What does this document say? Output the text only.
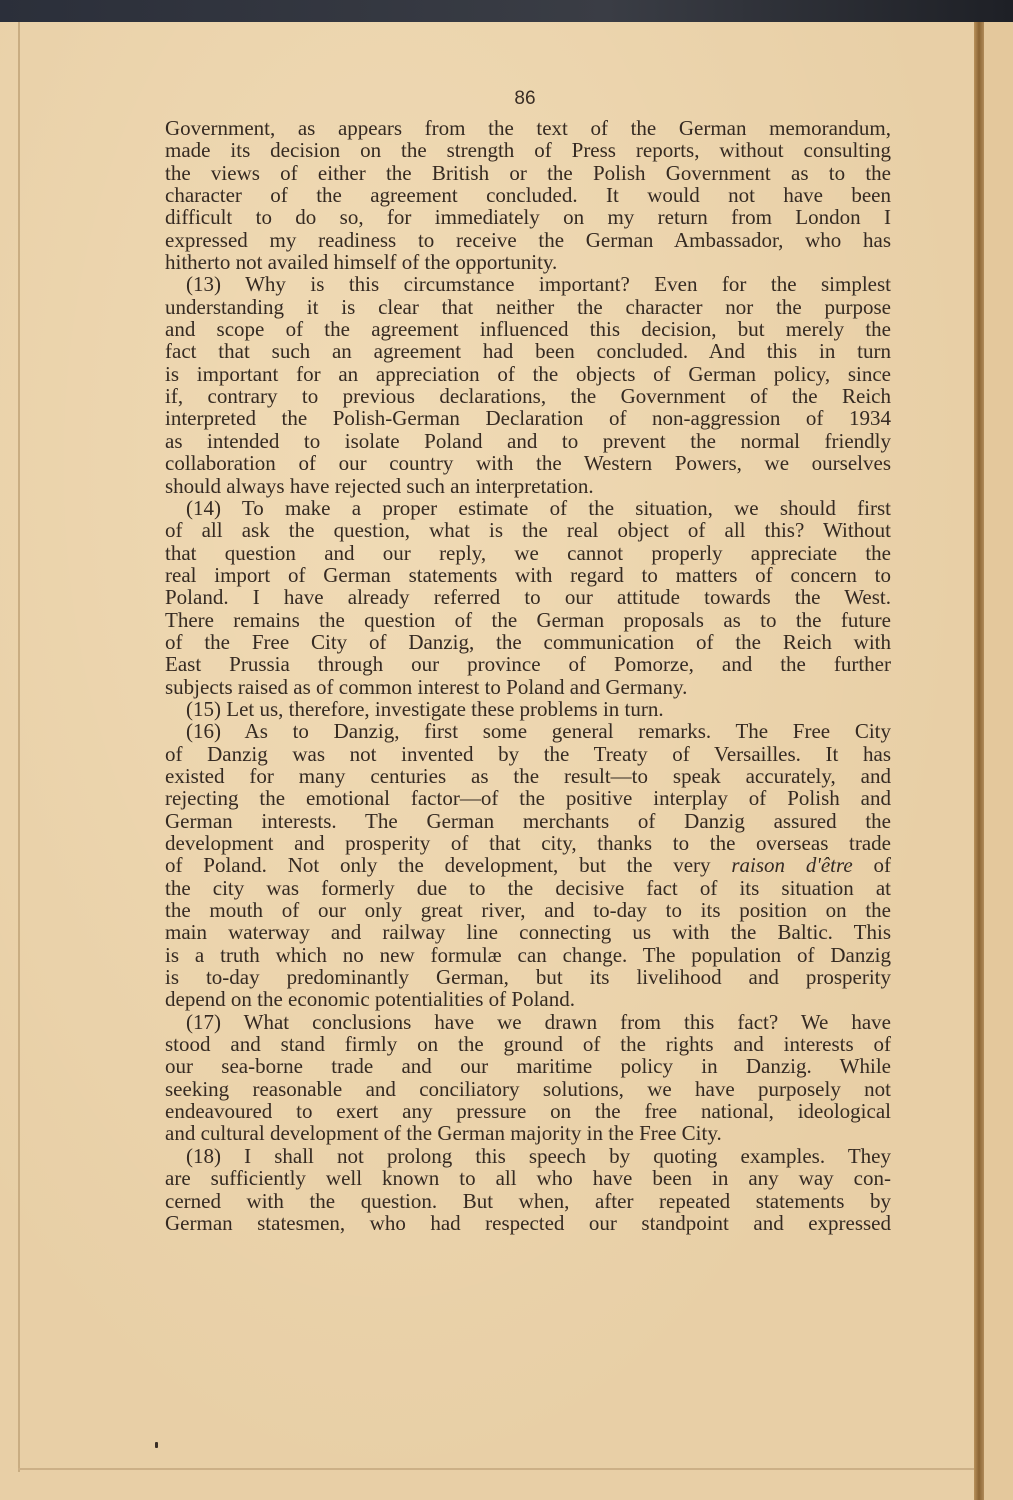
86
Government, as appears from the text of the German memorandum,
made its decision on the strength of Press reports, without consulting
the views of either the British or the Polish Government as to the
character of the agreement concluded. It would not have been
difficult to do so, for immediately on my return from London I
expressed my readiness to receive the German Ambassador, who has
hitherto not availed himself of the opportunity.
(13) Why is this circumstance important? Even for the simplest
understanding it is clear that neither the character nor the purpose
and scope of the agreement influenced this decision, but merely the
fact that such an agreement had been concluded. And this in turn
is important for an appreciation of the objects of German policy, since
if, contrary to previous declarations, the Government of the Reich
interpreted the Polish-German Declaration of non-aggression of 1934
as intended to isolate Poland and to prevent the normal friendly
collaboration of our country with the Western Powers, we ourselves
should always have rejected such an interpretation.
(14) To make a proper estimate of the situation, we should first
of all ask the question, what is the real object of all this? Without
that question and our reply, we cannot properly appreciate the
real import of German statements with regard to matters of concern to
Poland. I have already referred to our attitude towards the West.
There remains the question of the German proposals as to the future
of the Free City of Danzig, the communication of the Reich with
East Prussia through our province of Pomorze, and the further
subjects raised as of common interest to Poland and Germany.
(15) Let us, therefore, investigate these problems in turn.
(16) As to Danzig, first some general remarks. The Free City
of Danzig was not invented by the Treaty of Versailles. It has
existed for many centuries as the result—to speak accurately, and
rejecting the emotional factor—of the positive interplay of Polish and
German interests. The German merchants of Danzig assured the
development and prosperity of that city, thanks to the overseas trade
of Poland. Not only the development, but the very raison d'être of
the city was formerly due to the decisive fact of its situation at
the mouth of our only great river, and to-day to its position on the
main waterway and railway line connecting us with the Baltic. This
is a truth which no new formulæ can change. The population of Danzig
is to-day predominantly German, but its livelihood and prosperity
depend on the economic potentialities of Poland.
(17) What conclusions have we drawn from this fact? We have
stood and stand firmly on the ground of the rights and interests of
our sea-borne trade and our maritime policy in Danzig. While
seeking reasonable and conciliatory solutions, we have purposely not
endeavoured to exert any pressure on the free national, ideological
and cultural development of the German majority in the Free City.
(18) I shall not prolong this speech by quoting examples. They
are sufficiently well known to all who have been in any way con-
cerned with the question. But when, after repeated statements by
German statesmen, who had respected our standpoint and expressed
